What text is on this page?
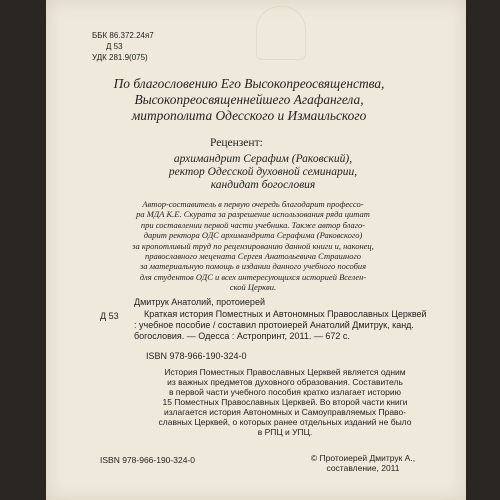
ББК 86.372.24я7
Д 53
УДК 281.9(075)
По благословению Его Высокопреосвященства,
Высокопреосвященнейшего Агафангела,
митрополита Одесского и Измаильского
Рецензент:
архимандрит Серафим (Раковский),
ректор Одесской духовной семинарии,
кандидат богословия
Автор-составитель в первую очередь благодарит профессо-
ра МДА К.Е. Скурата за разрешение использования ряда цитат
при составлении первой части учебника. Также автор благо-
дарит ректора ОДС архимандрита Серафима (Раковского)
за кропотливый труд по рецензированию данной книги и, наконец,
православного мецената Сергея Анатольевича Страшного
за материальную помощь в издании данного учебного пособия
для студентов ОДС и всех интересующихся историей Вселен-
ской Церкви.
Д 53
Дмитрук Анатолий, протоиерей
Краткая история Поместных и Автономных Православных Церквей : учебное пособие / составил протоиерей Анатолий Дмитрук, канд. богословия. — Одесса : Астропринт, 2011. — 672 с.
ISBN 978-966-190-324-0
История Поместных Православных Церквей является одним
из важных предметов духовного образования. Составитель
в первой части учебного пособия кратко излагает историю
15 Поместных Православных Церквей. Во второй части книги
излагается история Автономных и Самоуправляемых Право-
славных Церквей, о которых ранее отдельных изданий не было
в РПЦ и УПЦ.
ISBN 978-966-190-324-0	© Протоиерей Дмитрук А.,
составление, 2011
